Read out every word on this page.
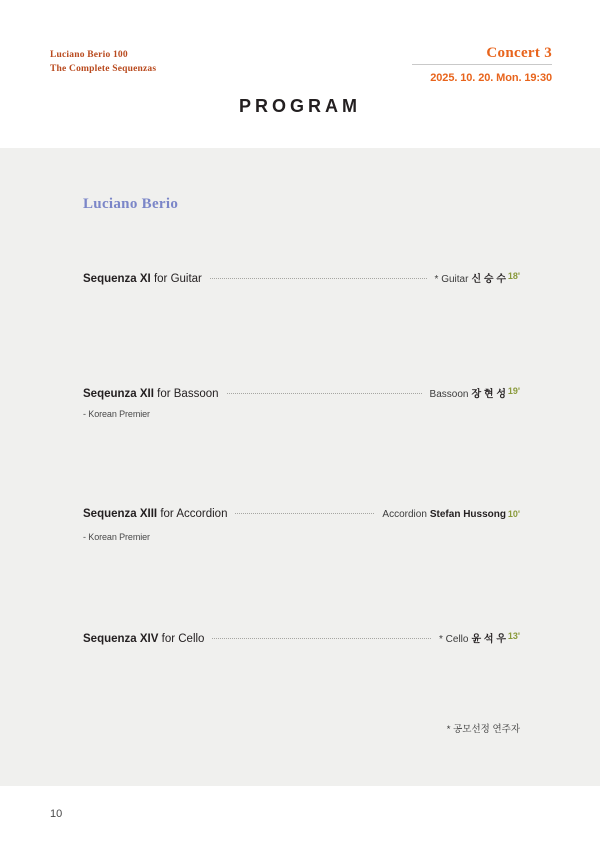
Luciano Berio 100
The Complete Sequenzas
Concert 3
2025. 10. 20. Mon. 19:30
PROGRAM
Luciano Berio
Sequenza XI for Guitar	* Guitar 신 승 수 18'
Seqeunza XII for Bassoon	Bassoon 장 현 성 19'
- Korean Premier
Sequenza XIII for Accordion	Accordion Stefan Hussong 10'
- Korean Premier
Sequenza XIV for Cello	* Cello 윤 석 우 13'
* 공모선정 연주자
10
